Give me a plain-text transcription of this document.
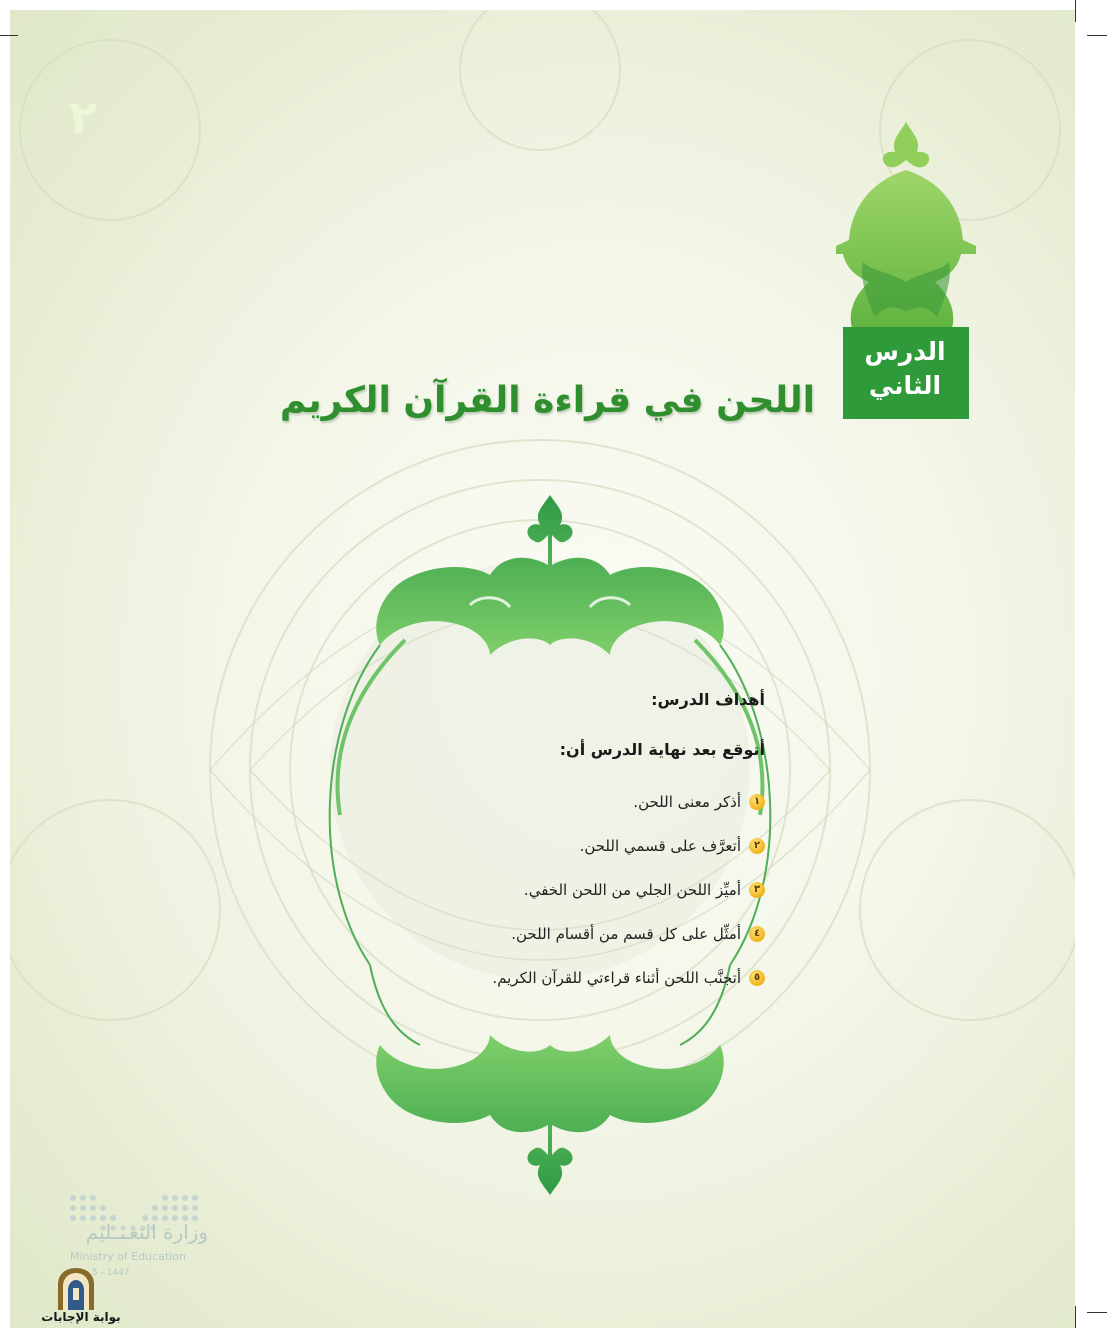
٢
الدرس
الثاني
اللحن في قراءة القرآن الكريم
أهداف الدرس:
أتوقع بعد نهاية الدرس أن:
١
أذكر معنى اللحن.
٢
أتعرَّف على قسمي اللحن.
٣
أميِّز اللحن الجلي من اللحن الخفي.
٤
أمثِّل على كل قسم من أقسام اللحن.
٥
أتجنَّب اللحن أثناء قراءتي للقرآن الكريم.
وزارة التعـــليم
Ministry of Education
5 - 1447
بوابة الإجابات
